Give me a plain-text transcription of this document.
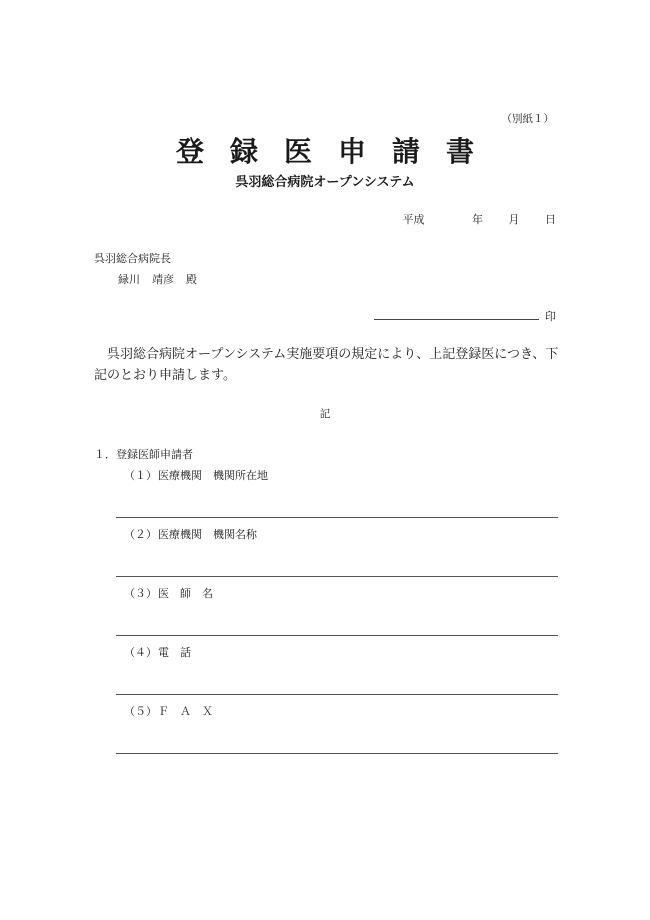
（別紙１）
登録医申請書
呉羽総合病院オープンシステム
平成	年 月 日
呉羽総合病院長
緑川 靖彦 殿
印
呉羽総合病院オープンシステム実施要項の規定により、上記登録医につき、下記のとおり申請します。
記
１．登録医師申請者
（１）医療機関　機関所在地
（２）医療機関　機関名称
（３）医　師　名
（４）電　話
（５）Ｆ　Ａ　Ｘ
